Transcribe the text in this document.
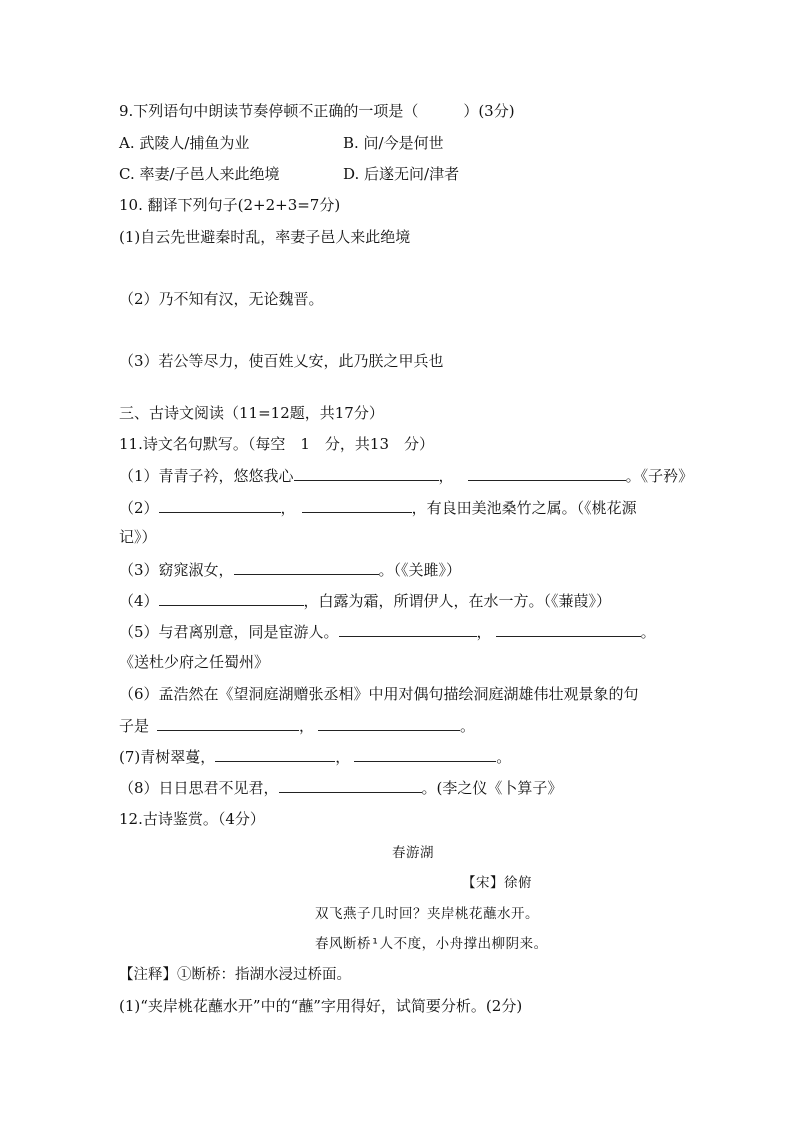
9.下列语句中朗读节奏停顿不正确的一项是（　　　）(3分)
A. 武陵人/捕鱼为业	B. 问/今是何世
C. 率妻/子邑人来此绝境	D. 后遂无问/津者
10. 翻译下列句子(2+2+3=7分)
(1)自云先世避秦时乱，率妻子邑人来此绝境
（2）乃不知有汉，无论魏晋。
（3）若公等尽力，使百姓乂安，此乃朕之甲兵也
三、古诗文阅读（11=12题，共17分）
11.诗文名句默写。（每空　1　分，共13　分）
（1）青青子衿，悠悠我心	，	。《子矜》
（2）	，	，有良田美池桑竹之属。（《桃花源
记》）
（3）窈窕淑女，	。（《关雎》）
（4）	，白露为霜，所谓伊人，在水一方。（《蒹葭》）
（5）与君离别意，同是宦游人。	，	。
《送杜少府之任蜀州》
（6）孟浩然在《望洞庭湖赠张丞相》中用对偶句描绘洞庭湖雄伟壮观景象的句
子是	，	。
(7)青树翠蔓，	，	。
（8）日日思君不见君，	。(李之仪《卜算子》
12.古诗鉴赏。（4分）
春游湖
【宋】徐俯
双飞燕子几时回？夹岸桃花蘸水开。
春风断桥¹人不度，小舟撑出柳阴来。
【注释】①断桥：指湖水浸过桥面。
(1)“夹岸桃花蘸水开”中的“蘸”字用得好，试简要分析。(2分)
